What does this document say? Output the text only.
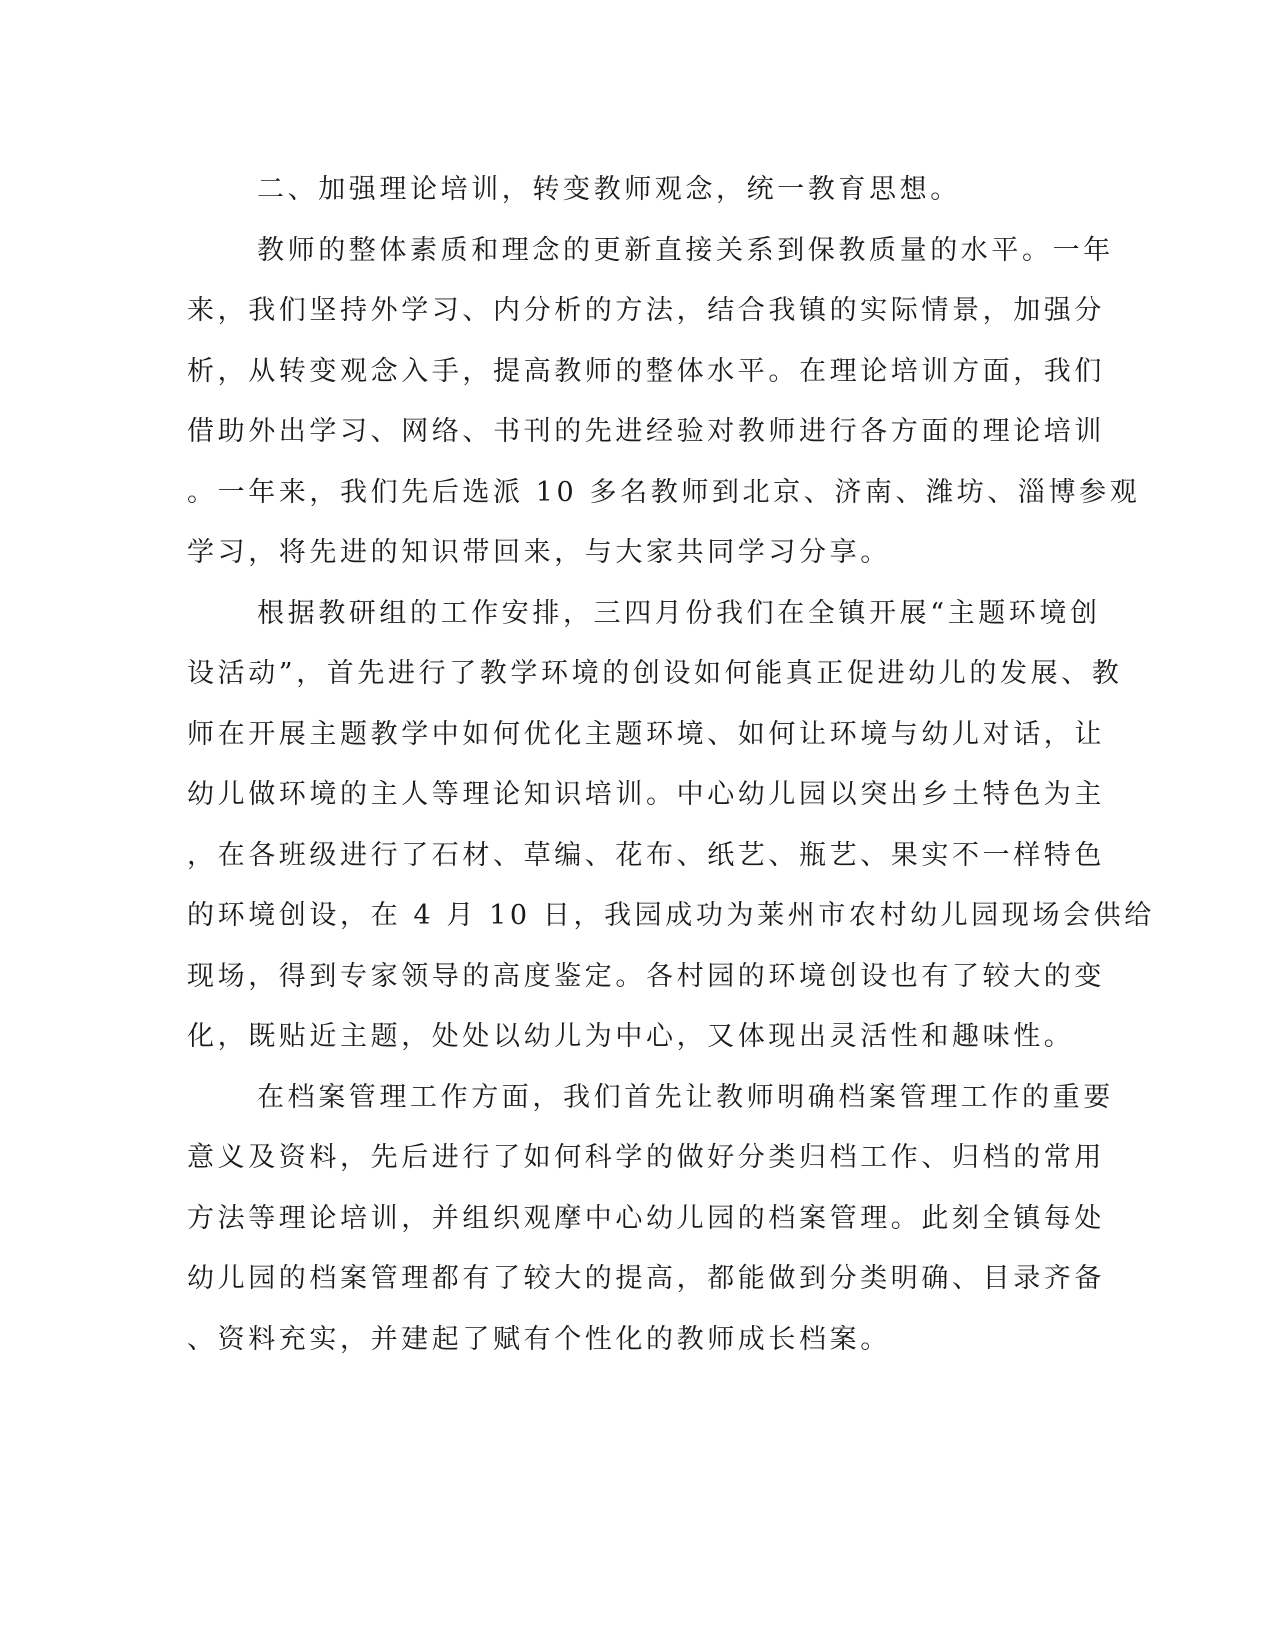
二、加强理论培训，转变教师观念，统一教育思想。

教师的整体素质和理念的更新直接关系到保教质量的水平。一年
来，我们坚持外学习、内分析的方法，结合我镇的实际情景，加强分
析，从转变观念入手，提高教师的整体水平。在理论培训方面，我们
借助外出学习、网络、书刊的先进经验对教师进行各方面的理论培训
。一年来，我们先后选派 10 多名教师到北京、济南、潍坊、淄博参观
学习，将先进的知识带回来，与大家共同学习分享。

根据教研组的工作安排，三四月份我们在全镇开展“主题环境创
设活动”，首先进行了教学环境的创设如何能真正促进幼儿的发展、教
师在开展主题教学中如何优化主题环境、如何让环境与幼儿对话，让
幼儿做环境的主人等理论知识培训。中心幼儿园以突出乡土特色为主
，在各班级进行了石材、草编、花布、纸艺、瓶艺、果实不一样特色
的环境创设，在 4 月 10 日，我园成功为莱州市农村幼儿园现场会供给
现场，得到专家领导的高度鉴定。各村园的环境创设也有了较大的变
化，既贴近主题，处处以幼儿为中心，又体现出灵活性和趣味性。

在档案管理工作方面，我们首先让教师明确档案管理工作的重要
意义及资料，先后进行了如何科学的做好分类归档工作、归档的常用
方法等理论培训，并组织观摩中心幼儿园的档案管理。此刻全镇每处
幼儿园的档案管理都有了较大的提高，都能做到分类明确、目录齐备
、资料充实，并建起了赋有个性化的教师成长档案。
